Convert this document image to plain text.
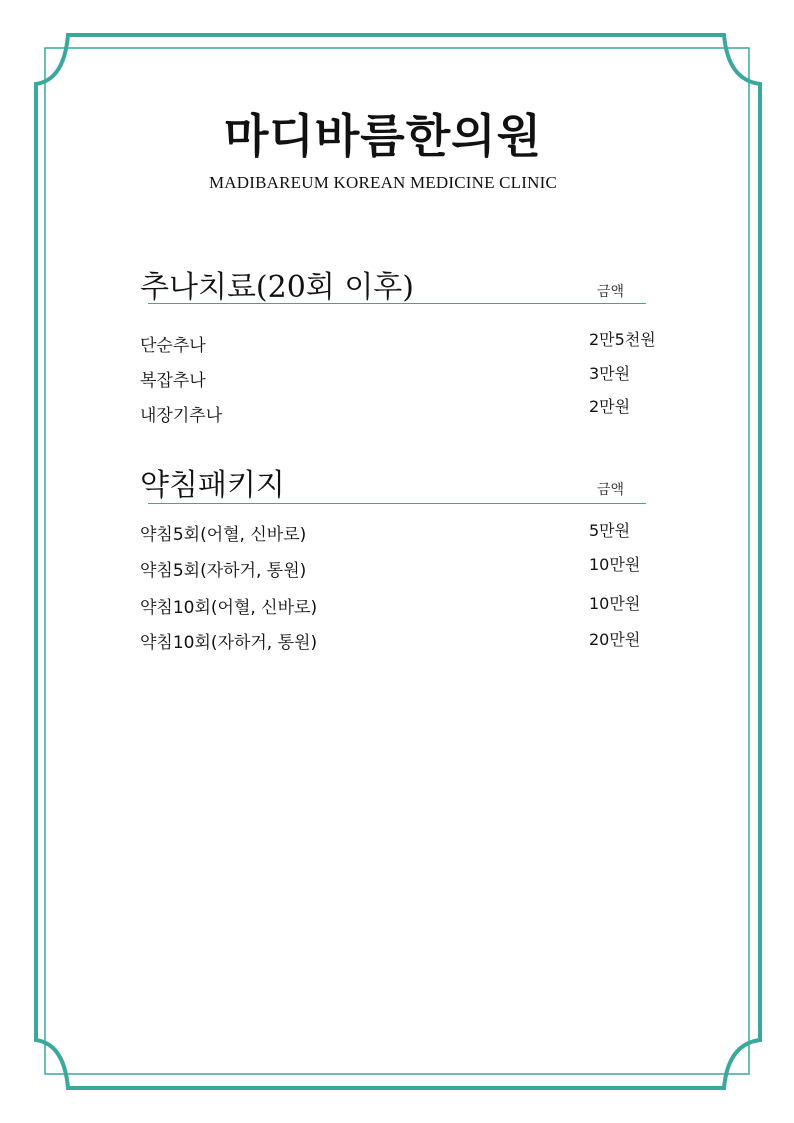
마디바름한의원
MADIBAREUM KOREAN MEDICINE CLINIC
추나치료(20회 이후)	금액
단순추나	2만5천원
복잡추나	3만원
내장기추나	2만원
약침패키지	금액
약침5회(어혈, 신바로)	5만원
약침5회(자하거, 통원)	10만원
약침10회(어혈, 신바로)	10만원
약침10회(자하거, 통원)	20만원
